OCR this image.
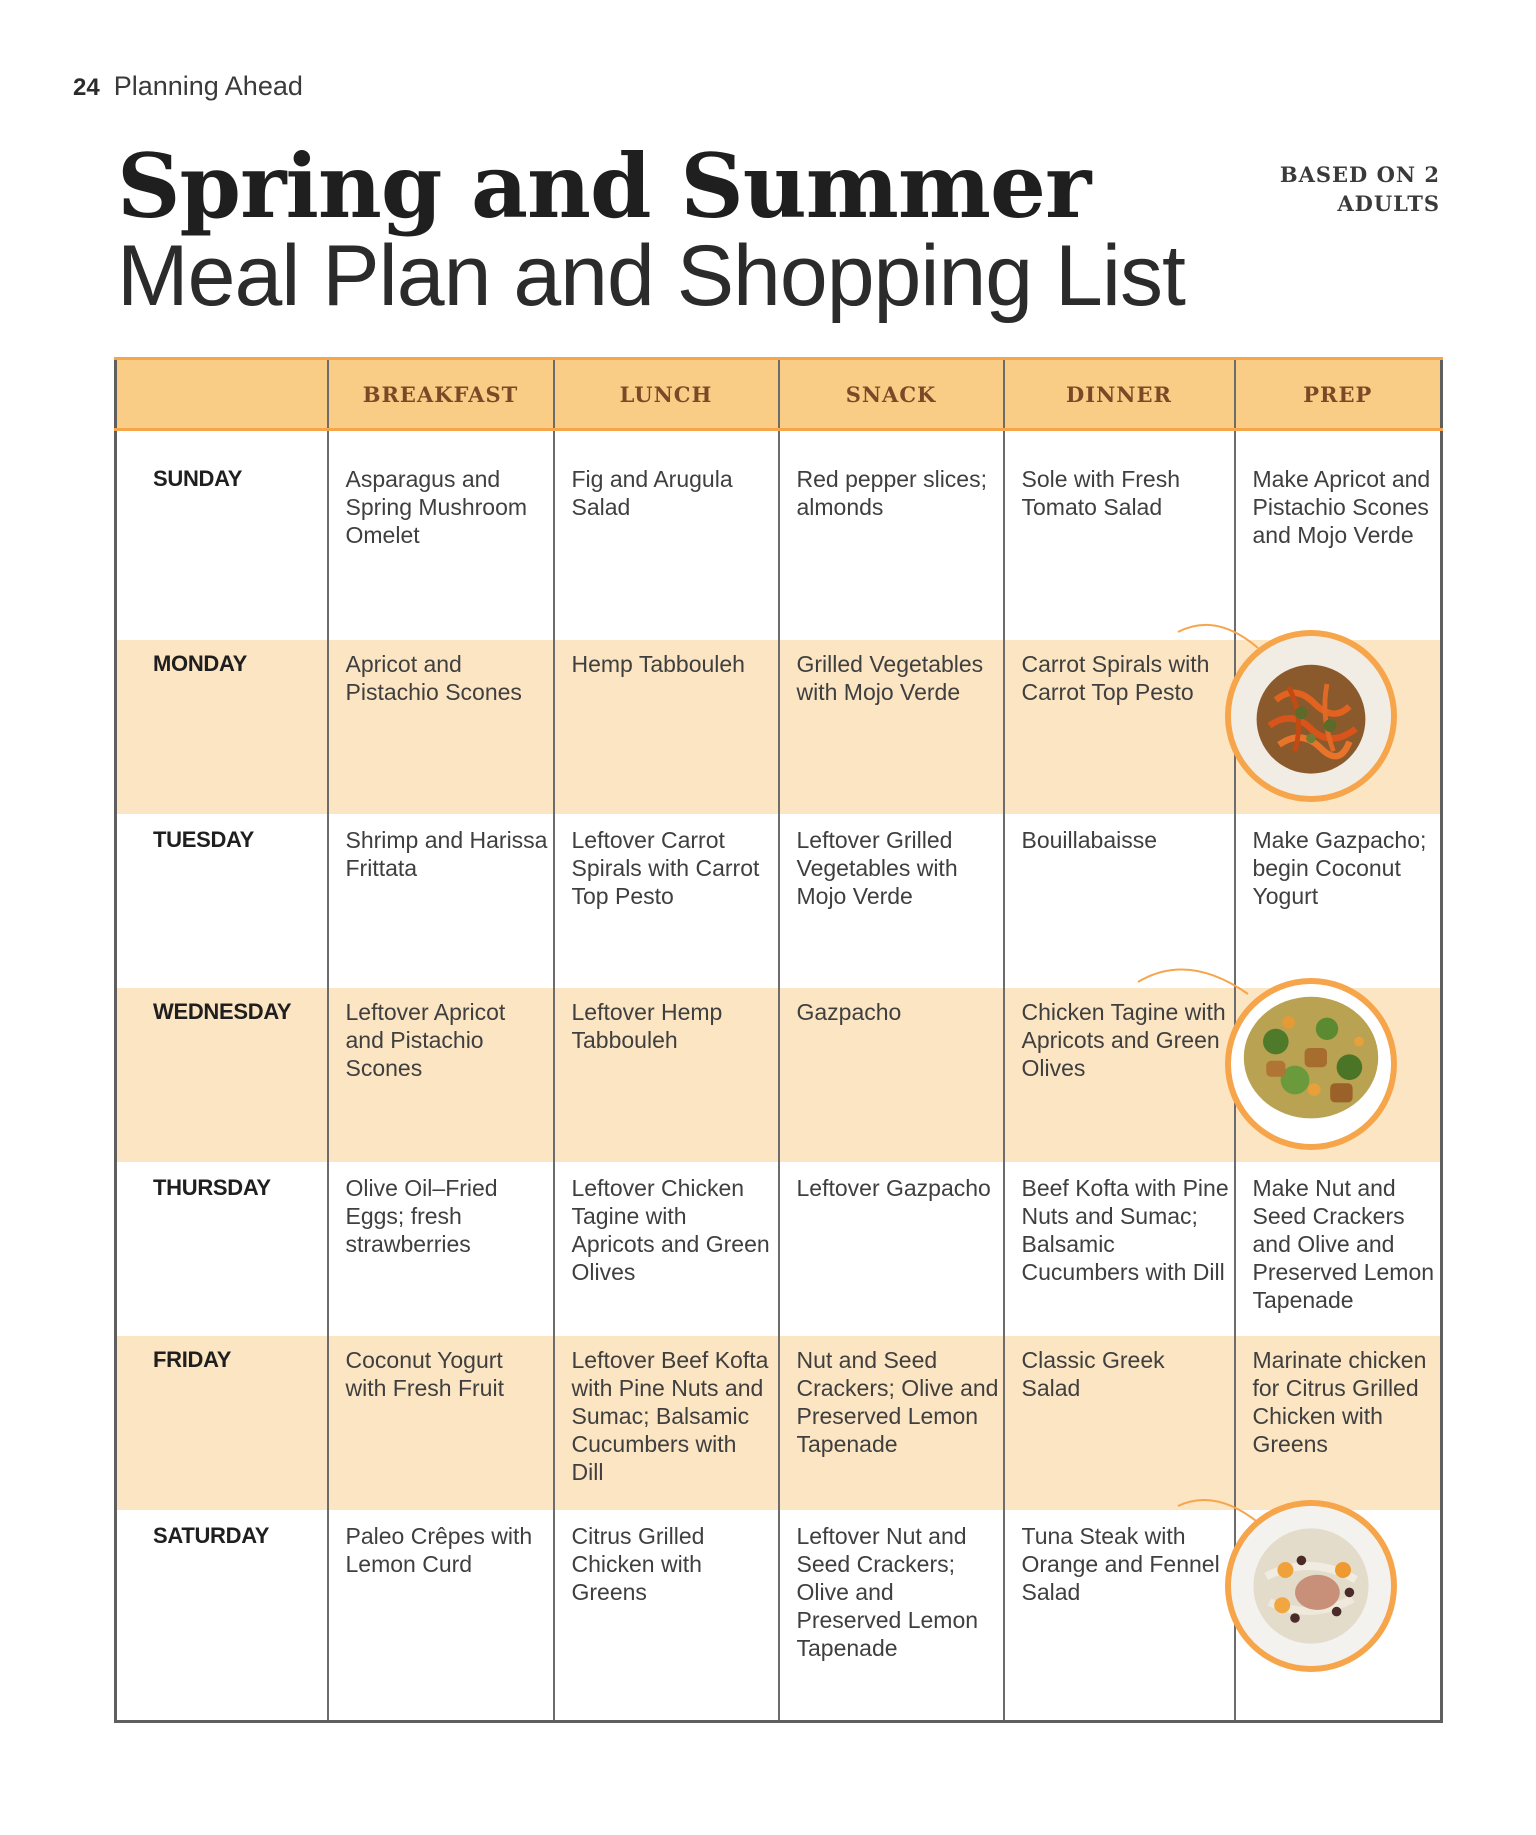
24 Planning Ahead
Spring and Summer
Meal Plan and Shopping List
BASED ON 2
ADULTS
	BREAKFAST	LUNCH	SNACK	DINNER	PREP
SUNDAY	Asparagus and Spring Mushroom Omelet	Fig and Arugula Salad	Red pepper slices; almonds	Sole with Fresh Tomato Salad	Make Apricot and Pistachio Scones and Mojo Verde
MONDAY	Apricot and Pistachio Scones	Hemp Tabbouleh	Grilled Vegetables with Mojo Verde	Carrot Spirals with Carrot Top Pesto	

TUESDAY	Shrimp and Harissa Frittata	Leftover Carrot Spirals with Carrot Top Pesto	Leftover Grilled Vegetables with Mojo Verde	Bouillabaisse	Make Gazpacho; begin Coconut Yogurt
WEDNESDAY	Leftover Apricot and Pistachio Scones	Leftover Hemp Tabbouleh	Gazpacho	Chicken Tagine with Apricots and Green Olives	

THURSDAY	Olive Oil–Fried Eggs; fresh strawberries	Leftover Chicken Tagine with Apricots and Green Olives	Leftover Gazpacho	Beef Kofta with Pine Nuts and Sumac; Balsamic Cucumbers with Dill	Make Nut and Seed Crackers and Olive and Preserved Lemon Tapenade
FRIDAY	Coconut Yogurt with Fresh Fruit	Leftover Beef Kofta with Pine Nuts and Sumac; Balsamic Cucumbers with Dill	Nut and Seed Crackers; Olive and Preserved Lemon Tapenade	Classic Greek Salad	Marinate chicken for Citrus Grilled Chicken with Greens
SATURDAY	Paleo Crêpes with Lemon Curd	Citrus Grilled Chicken with Greens	Leftover Nut and Seed Crackers; Olive and Preserved Lemon Tapenade	Tuna Steak with Orange and Fennel Salad	
